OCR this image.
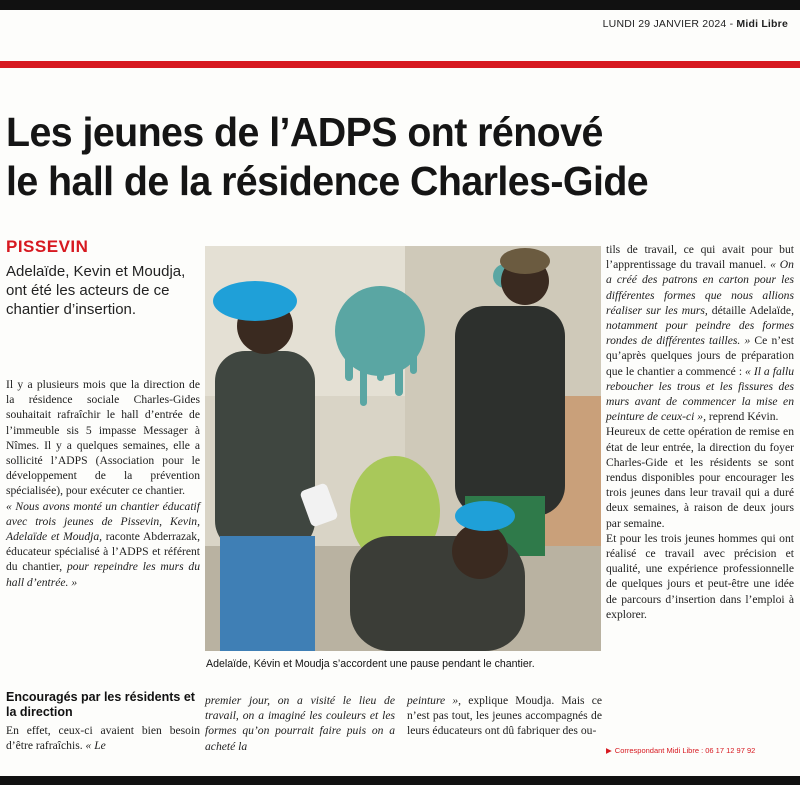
LUNDI 29 JANVIER 2024 - Midi Libre
Les jeunes de l’ADPS ont rénové
le hall de la résidence Charles-Gide
PISSEVIN

Adelaïde, Kevin et Moudja, ont été les acteurs de ce chantier d’insertion.

Il y a plusieurs mois que la direction de la résidence sociale Charles-Gides souhaitait rafraîchir le hall d’entrée de l’immeuble sis 5 impasse Messager à Nîmes. Il y a quelques semaines, elle a sollicité l’ADPS (Association pour le développement de la prévention spécialisée), pour exécuter ce chantier.

« Nous avons monté un chantier éducatif avec trois jeunes de Pissevin, Kevin, Adelaïde et Moudja, raconte Abderrazak, éducateur spécialisé à l’ADPS et référent du chantier, pour repeindre les murs du hall d’entrée. »

Encouragés par les résidents et la direction

En effet, ceux-ci avaient bien besoin d’être rafraîchis. « Le

Adelaïde, Kévin et Moudja s’accordent une pause pendant le chantier.

premier jour, on a visité le lieu de travail, on a imaginé les couleurs et les formes qu’on pourrait faire puis on a acheté la

peinture », explique Moudja. Mais ce n’est pas tout, les jeunes accompagnés de leurs éducateurs ont dû fabriquer des ou-

tils de travail, ce qui avait pour but l’apprentissage du travail manuel. « On a créé des patrons en carton pour les différentes formes que nous allions réaliser sur les murs, détaille Adelaïde, notamment pour peindre des formes rondes de différentes tailles. » Ce n’est qu’après quelques jours de préparation que le chantier a commencé : « Il a fallu reboucher les trous et les fissures des murs avant de commencer la mise en peinture de ceux-ci », reprend Kévin.

Heureux de cette opération de remise en état de leur entrée, la direction du foyer Charles-Gide et les résidents se sont rendus disponibles pour encourager les trois jeunes dans leur travail qui a duré deux semaines, à raison de deux jours par semaine.

Et pour les trois jeunes hommes qui ont réalisé ce travail avec précision et qualité, une expérience professionnelle de quelques jours et peut-être une idée de parcours d’insertion dans l’emploi à explorer.

▶ Correspondant Midi Libre : 06 17 12 97 92
